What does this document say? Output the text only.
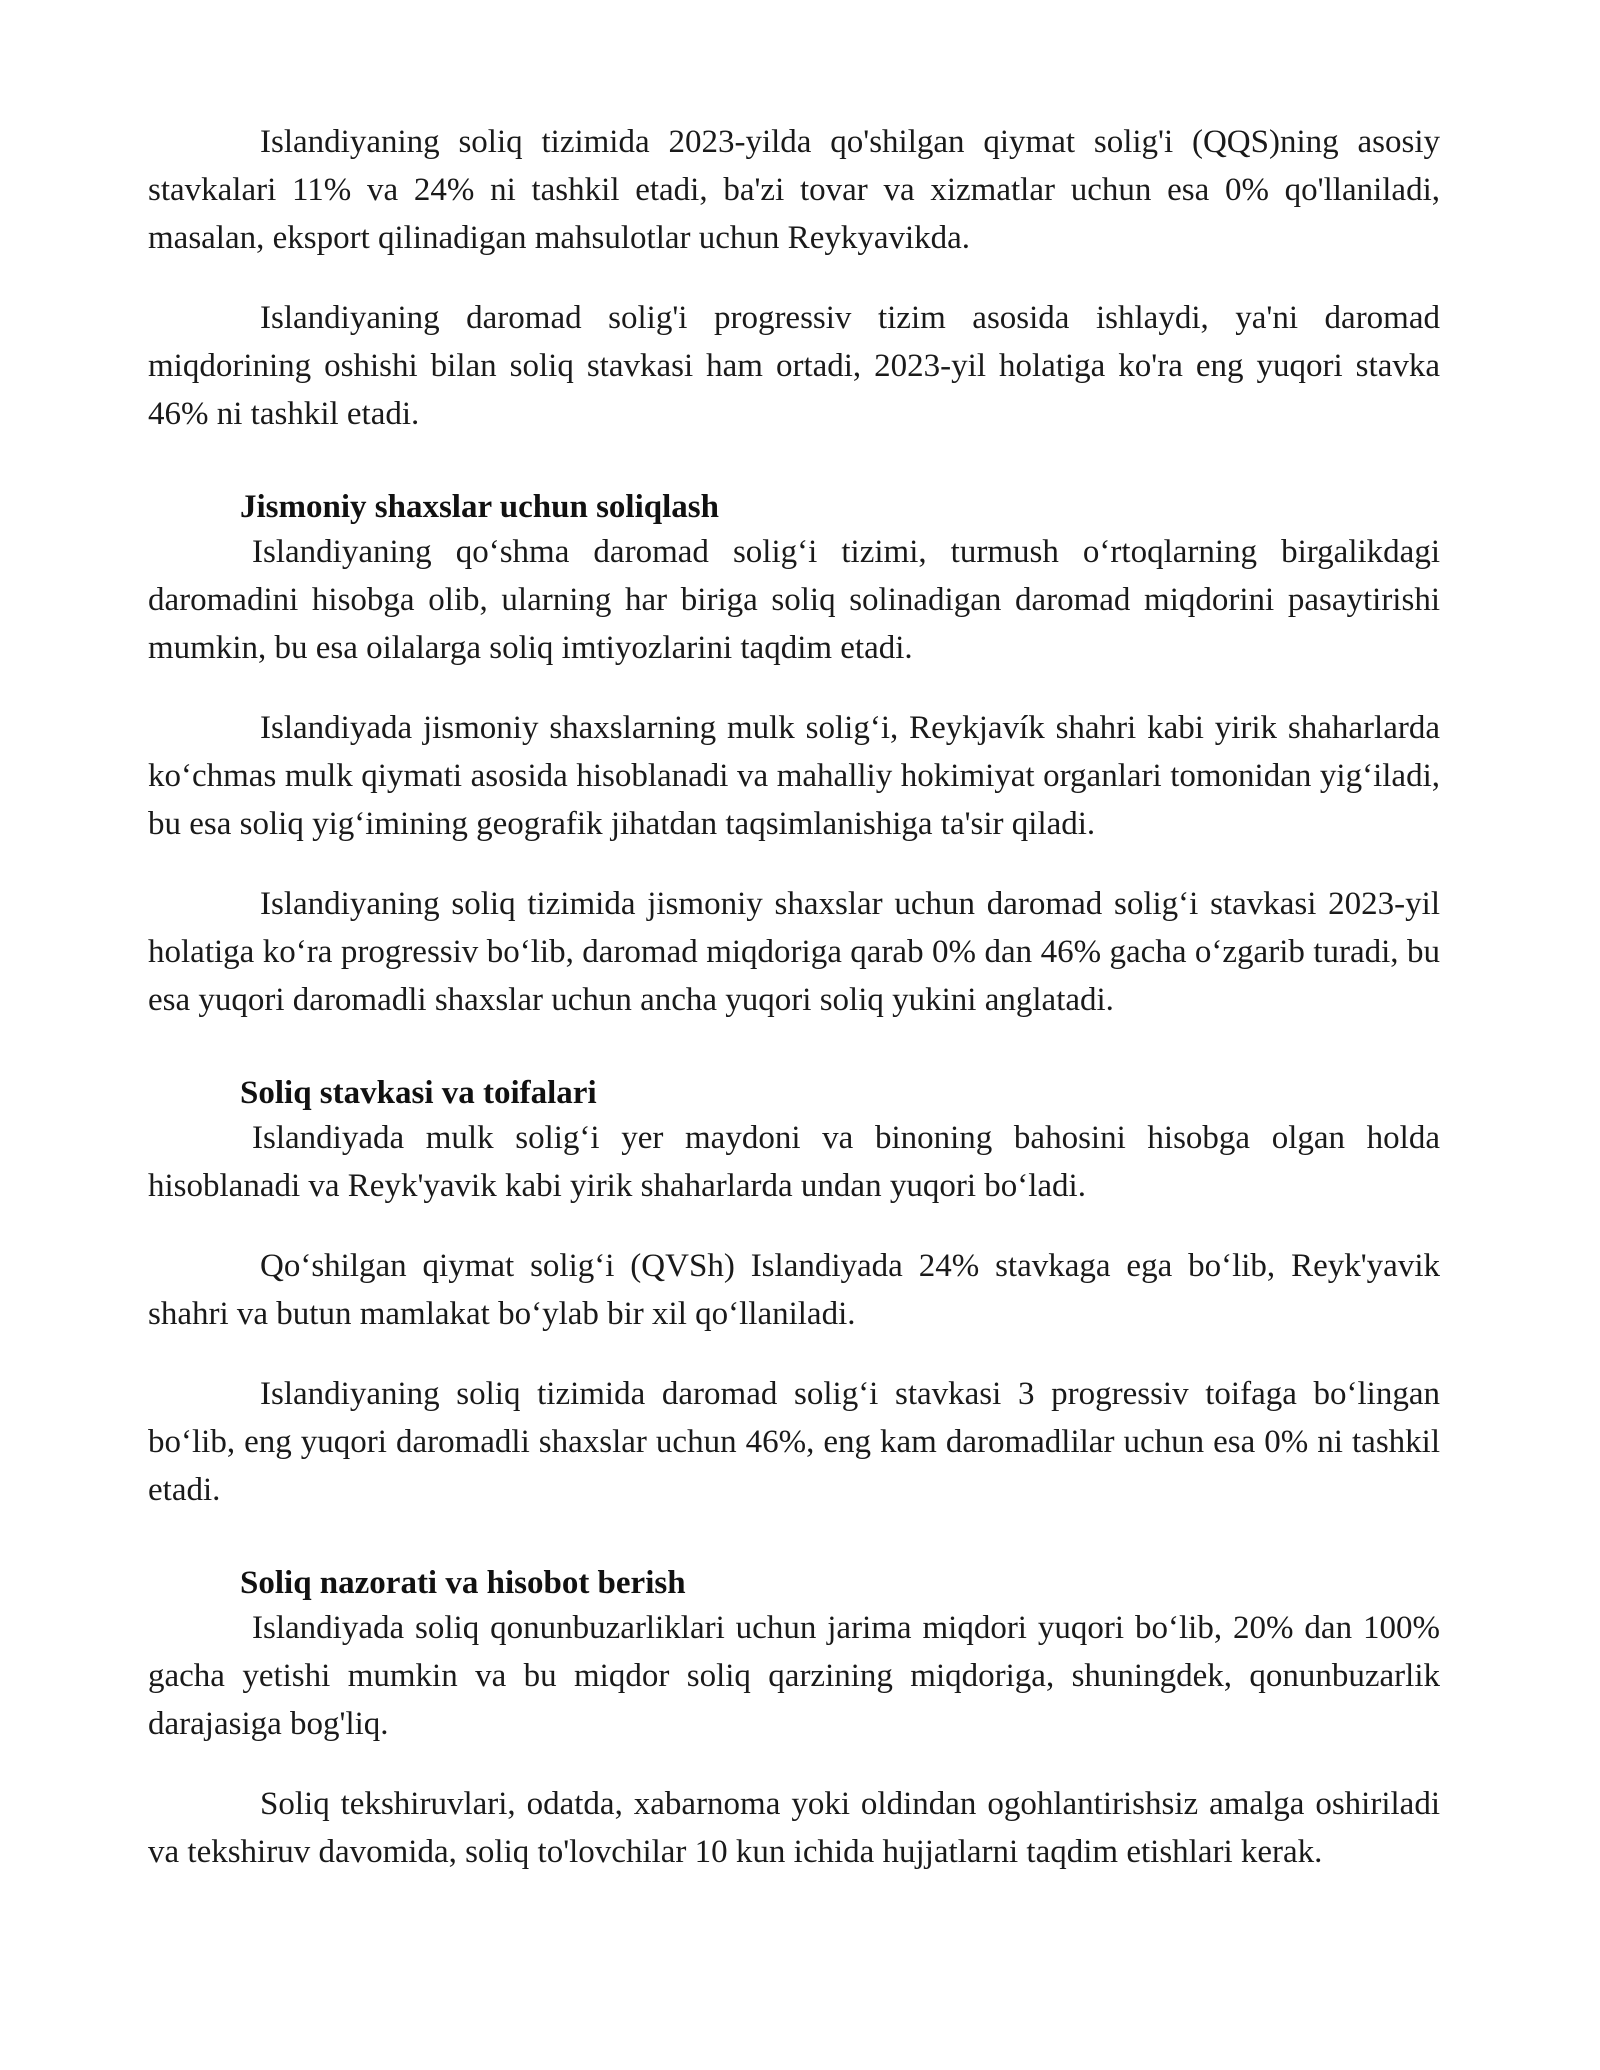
Islandiyaning soliq tizimida 2023-yilda qo'shilgan qiymat solig'i (QQS)ning asosiy stavkalari 11% va 24% ni tashkil etadi, ba'zi tovar va xizmatlar uchun esa 0% qo'llaniladi, masalan, eksport qilinadigan mahsulotlar uchun Reykyavikda.

Islandiyaning daromad solig'i progressiv tizim asosida ishlaydi, ya'ni daromad miqdorining oshishi bilan soliq stavkasi ham ortadi, 2023-yil holatiga ko'ra eng yuqori stavka 46% ni tashkil etadi.

Jismoniy shaxslar uchun soliqlash

Islandiyaning qo‘shma daromad solig‘i tizimi, turmush o‘rtoqlarning birgalikdagi daromadini hisobga olib, ularning har biriga soliq solinadigan daromad miqdorini pasaytirishi mumkin, bu esa oilalarga soliq imtiyozlarini taqdim etadi.

Islandiyada jismoniy shaxslarning mulk solig‘i, Reykjavík shahri kabi yirik shaharlarda ko‘chmas mulk qiymati asosida hisoblanadi va mahalliy hokimiyat organlari tomonidan yig‘iladi, bu esa soliq yig‘imining geografik jihatdan taqsimlanishiga ta'sir qiladi.

Islandiyaning soliq tizimida jismoniy shaxslar uchun daromad solig‘i stavkasi 2023-yil holatiga ko‘ra progressiv bo‘lib, daromad miqdoriga qarab 0% dan 46% gacha o‘zgarib turadi, bu esa yuqori daromadli shaxslar uchun ancha yuqori soliq yukini anglatadi.

Soliq stavkasi va toifalari

Islandiyada mulk solig‘i yer maydoni va binoning bahosini hisobga olgan holda hisoblanadi va Reyk'yavik kabi yirik shaharlarda undan yuqori bo‘ladi.

Qo‘shilgan qiymat solig‘i (QVSh) Islandiyada 24% stavkaga ega bo‘lib, Reyk'yavik shahri va butun mamlakat bo‘ylab bir xil qo‘llaniladi.

Islandiyaning soliq tizimida daromad solig‘i stavkasi 3 progressiv toifaga bo‘lingan bo‘lib, eng yuqori daromadli shaxslar uchun 46%, eng kam daromadlilar uchun esa 0% ni tashkil etadi.

Soliq nazorati va hisobot berish

Islandiyada soliq qonunbuzarliklari uchun jarima miqdori yuqori bo‘lib, 20% dan 100% gacha yetishi mumkin va bu miqdor soliq qarzining miqdoriga, shuningdek, qonunbuzarlik darajasiga bog'liq.

Soliq tekshiruvlari, odatda, xabarnoma yoki oldindan ogohlantirishsiz amalga oshiriladi va tekshiruv davomida, soliq to'lovchilar 10 kun ichida hujjatlarni taqdim etishlari kerak.
